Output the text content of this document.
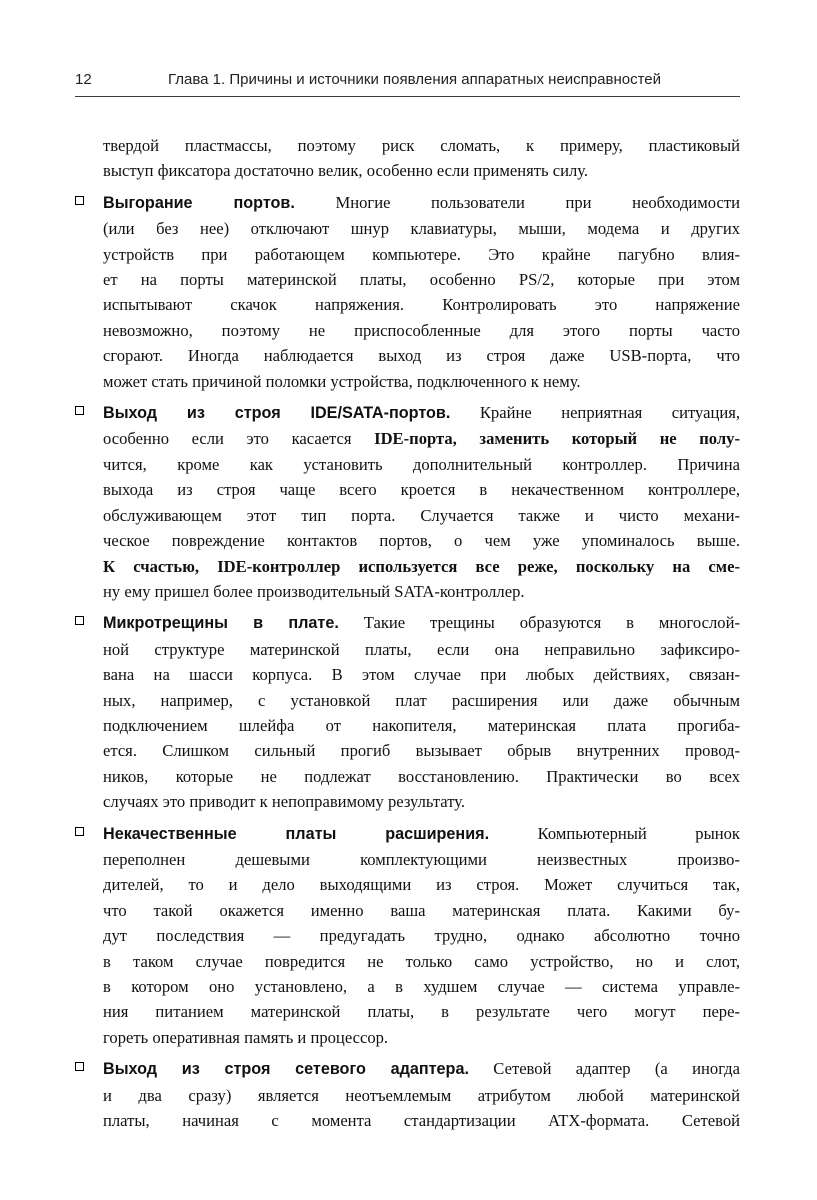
12	Глава 1. Причины и источники появления аппаратных неисправностей
твердой пластмассы, поэтому риск сломать, к примеру, пластиковый
выступ фиксатора достаточно велик, особенно если применять силу.
Выгорание портов. Многие пользователи при необходимости
(или без нее) отключают шнур клавиатуры, мыши, модема и других
устройств при работающем компьютере. Это крайне пагубно влия-
ет на порты материнской платы, особенно PS/2, которые при этом
испытывают скачок напряжения. Контролировать это напряжение
невозможно, поэтому не приспособленные для этого порты часто
сгорают. Иногда наблюдается выход из строя даже USB-порта, что
может стать причиной поломки устройства, подключенного к нему.
Выход из строя IDE/SATA-портов. Крайне неприятная ситуация,
особенно если это касается IDE-порта, заменить который не полу-
чится, кроме как установить дополнительный контроллер. Причина
выхода из строя чаще всего кроется в некачественном контроллере,
обслуживающем этот тип порта. Случается также и чисто механи-
ческое повреждение контактов портов, о чем уже упоминалось выше.
К счастью, IDE-контроллер используется все реже, поскольку на сме-
ну ему пришел более производительный SATA-контроллер.
Микротрещины в плате. Такие трещины образуются в многослой-
ной структуре материнской платы, если она неправильно зафиксиро-
вана на шасси корпуса. В этом случае при любых действиях, связан-
ных, например, с установкой плат расширения или даже обычным
подключением шлейфа от накопителя, материнская плата прогиба-
ется. Слишком сильный прогиб вызывает обрыв внутренних провод-
ников, которые не подлежат восстановлению. Практически во всех
случаях это приводит к непоправимому результату.
Некачественные платы расширения. Компьютерный рынок
переполнен дешевыми комплектующими неизвестных произво-
дителей, то и дело выходящими из строя. Может случиться так,
что такой окажется именно ваша материнская плата. Какими бу-
дут последствия — предугадать трудно, однако абсолютно точно
в таком случае повредится не только само устройство, но и слот,
в котором оно установлено, а в худшем случае — система управле-
ния питанием материнской платы, в результате чего могут пере-
гореть оперативная память и процессор.
Выход из строя сетевого адаптера. Сетевой адаптер (а иногда
и два сразу) является неотъемлемым атрибутом любой материнской
платы, начиная с момента стандартизации ATX-формата. Сетевой
